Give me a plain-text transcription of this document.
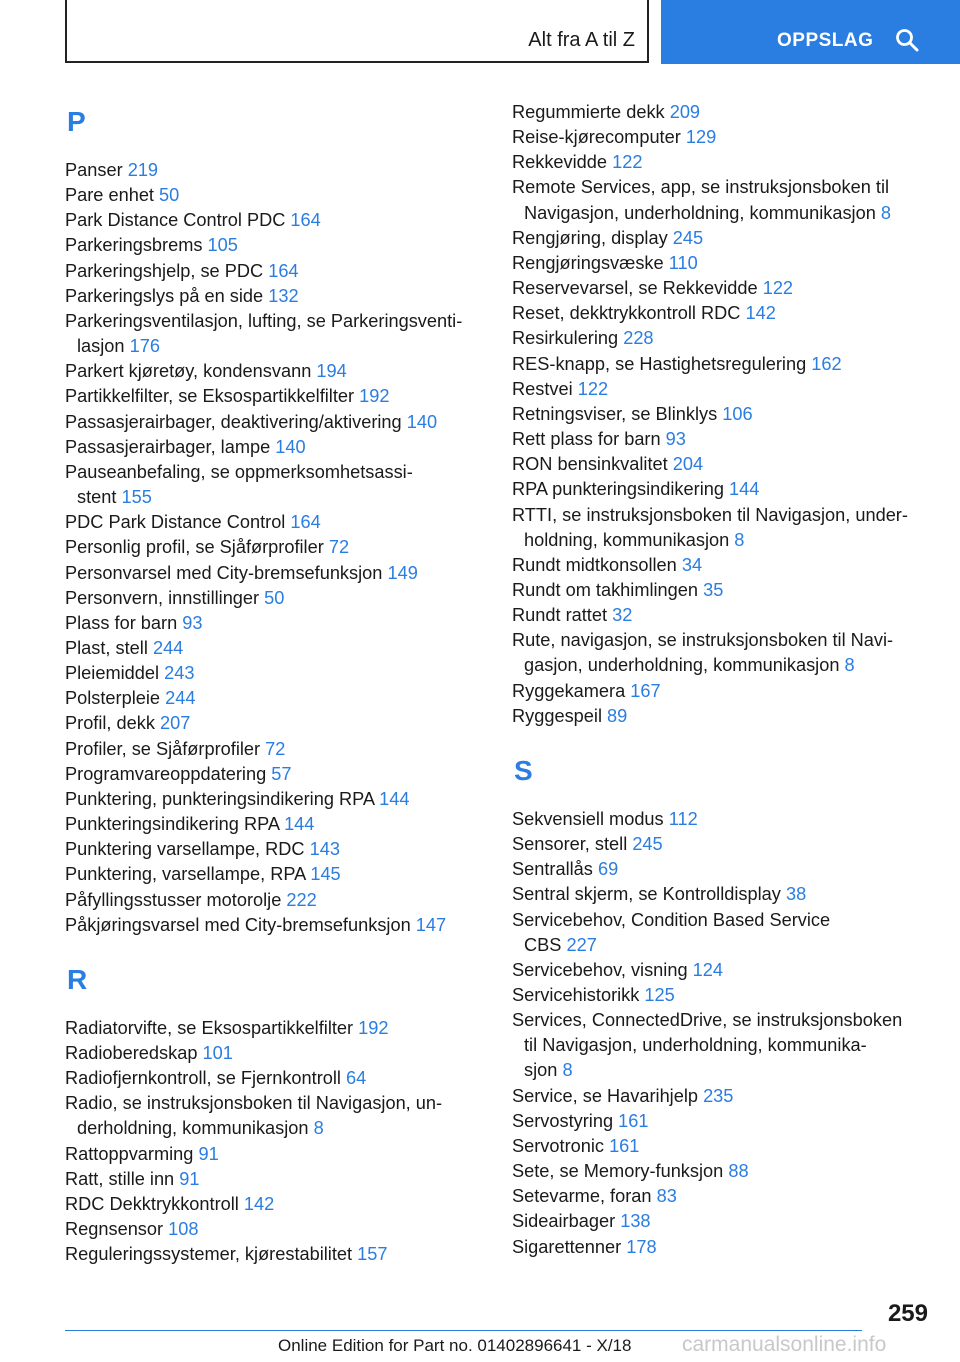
Alt fra A til Z	OPPSLAG
P
Panser 219
Pare enhet 50
Park Distance Control PDC 164
Parkeringsbrems 105
Parkeringshjelp, se PDC 164
Parkeringslys på en side 132
Parkeringsventilasjon, lufting, se Parkeringsventi‐
lasjon 176
Parkert kjøretøy, kondensvann 194
Partikkelfilter, se Eksospartikkelfilter 192
Passasjerairbager, deaktivering/aktivering 140
Passasjerairbager, lampe 140
Pauseanbefaling, se oppmerksomhetsassi‐
stent 155
PDC Park Distance Control 164
Personlig profil, se Sjåførprofiler 72
Personvarsel med City-bremsefunksjon 149
Personvern, innstillinger 50
Plass for barn 93
Plast, stell 244
Pleiemiddel 243
Polsterpleie 244
Profil, dekk 207
Profiler, se Sjåførprofiler 72
Programvareoppdatering 57
Punktering, punkteringsindikering RPA 144
Punkteringsindikering RPA 144
Punktering varsellampe, RDC 143
Punktering, varsellampe, RPA 145
Påfyllingsstusser motorolje 222
Påkjøringsvarsel med City-bremsefunksjon 147
R
Radiatorvifte, se Eksospartikkelfilter 192
Radioberedskap 101
Radiofjernkontroll, se Fjernkontroll 64
Radio, se instruksjonsboken til Navigasjon, un‐
derholdning, kommunikasjon 8
Rattoppvarming 91
Ratt, stille inn 91
RDC Dekktrykkontroll 142
Regnsensor 108
Reguleringssystemer, kjørestabilitet 157
Regummierte dekk 209
Reise-kjørecomputer 129
Rekkevidde 122
Remote Services, app, se instruksjonsboken til
Navigasjon, underholdning, kommunikasjon 8
Rengjøring, display 245
Rengjøringsvæske 110
Reservevarsel, se Rekkevidde 122
Reset, dekktrykkontroll RDC 142
Resirkulering 228
RES-knapp, se Hastighetsregulering 162
Restvei 122
Retningsviser, se Blinklys 106
Rett plass for barn 93
RON bensinkvalitet 204
RPA punkteringsindikering 144
RTTI, se instruksjonsboken til Navigasjon, under‐
holdning, kommunikasjon 8
Rundt midtkonsollen 34
Rundt om takhimlingen 35
Rundt rattet 32
Rute, navigasjon, se instruksjonsboken til Navi‐
gasjon, underholdning, kommunikasjon 8
Ryggekamera 167
Ryggespeil 89
S
Sekvensiell modus 112
Sensorer, stell 245
Sentrallås 69
Sentral skjerm, se Kontrolldisplay 38
Servicebehov, Condition Based Service
CBS 227
Servicebehov, visning 124
Servicehistorikk 125
Services, ConnectedDrive, se instruksjonsboken
til Navigasjon, underholdning, kommunika‐
sjon 8
Service, se Havarihjelp 235
Servostyring 161
Servotronic 161
Sete, se Memory-funksjon 88
Setevarme, foran 83
Sideairbager 138
Sigarettenner 178
259
Online Edition for Part no. 01402896641 - X/18 carmanualsonline.info
